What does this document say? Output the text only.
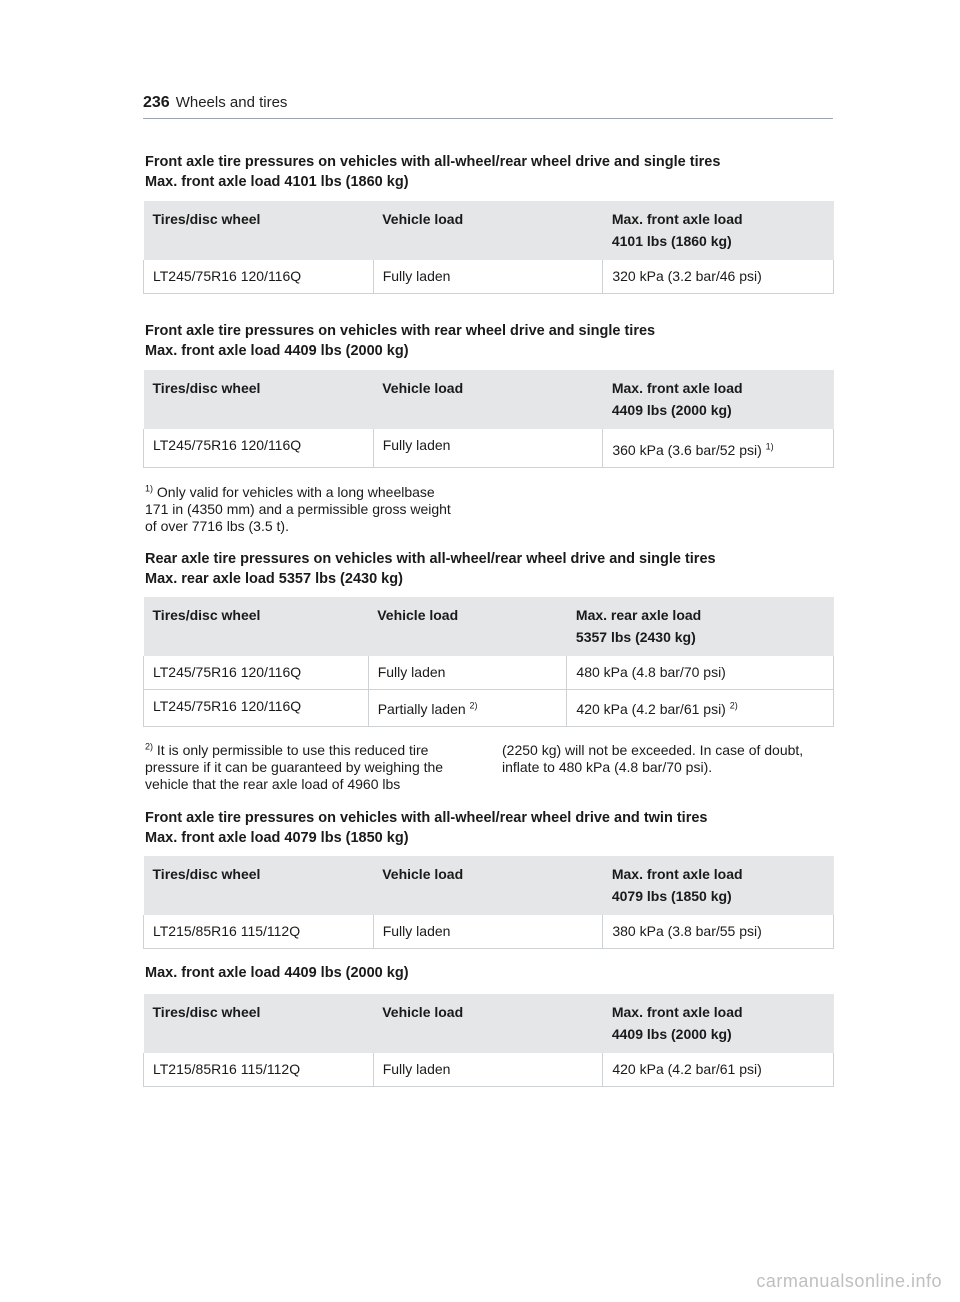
236 Wheels and tires
Front axle tire pressures on vehicles with all-wheel/rear wheel drive and single tires
Max. front axle load 4101 lbs (1860 kg)
Tires/disc wheel	Vehicle load	Max. front axle load
4101 lbs (1860 kg)

LT245/75R16 120/116Q	Fully laden	320 kPa (3.2 bar/46 psi)
Front axle tire pressures on vehicles with rear wheel drive and single tires
Max. front axle load 4409 lbs (2000 kg)
Tires/disc wheel	Vehicle load	Max. front axle load
4409 lbs (2000 kg)

LT245/75R16 120/116Q	Fully laden	360 kPa (3.6 bar/52 psi) $^{1)}$
$^{1)}$ Only valid for vehicles with a long wheelbase
171 in (4350 mm) and a permissible gross weight
of over 7716 lbs (3.5 t).
Rear axle tire pressures on vehicles with all-wheel/rear wheel drive and single tires
Max. rear axle load 5357 lbs (2430 kg)
Tires/disc wheel	Vehicle load	Max. rear axle load
5357 lbs (2430 kg)

LT245/75R16 120/116Q	Fully laden	480 kPa (4.8 bar/70 psi)
LT245/75R16 120/116Q	Partially laden $^{2)}$	420 kPa (4.2 bar/61 psi) $^{2)}$
$^{2)}$ It is only permissible to use this reduced tire
pressure if it can be guaranteed by weighing the
vehicle that the rear axle load of 4960 lbs
(2250 kg) will not be exceeded. In case of doubt,
inflate to 480 kPa (4.8 bar/70 psi).
Front axle tire pressures on vehicles with all-wheel/rear wheel drive and twin tires
Max. front axle load 4079 lbs (1850 kg)
Tires/disc wheel	Vehicle load	Max. front axle load
4079 lbs (1850 kg)

LT215/85R16 115/112Q	Fully laden	380 kPa (3.8 bar/55 psi)
Max. front axle load 4409 lbs (2000 kg)
Tires/disc wheel	Vehicle load	Max. front axle load
4409 lbs (2000 kg)

LT215/85R16 115/112Q	Fully laden	420 kPa (4.2 bar/61 psi)
carmanualsonline.info
